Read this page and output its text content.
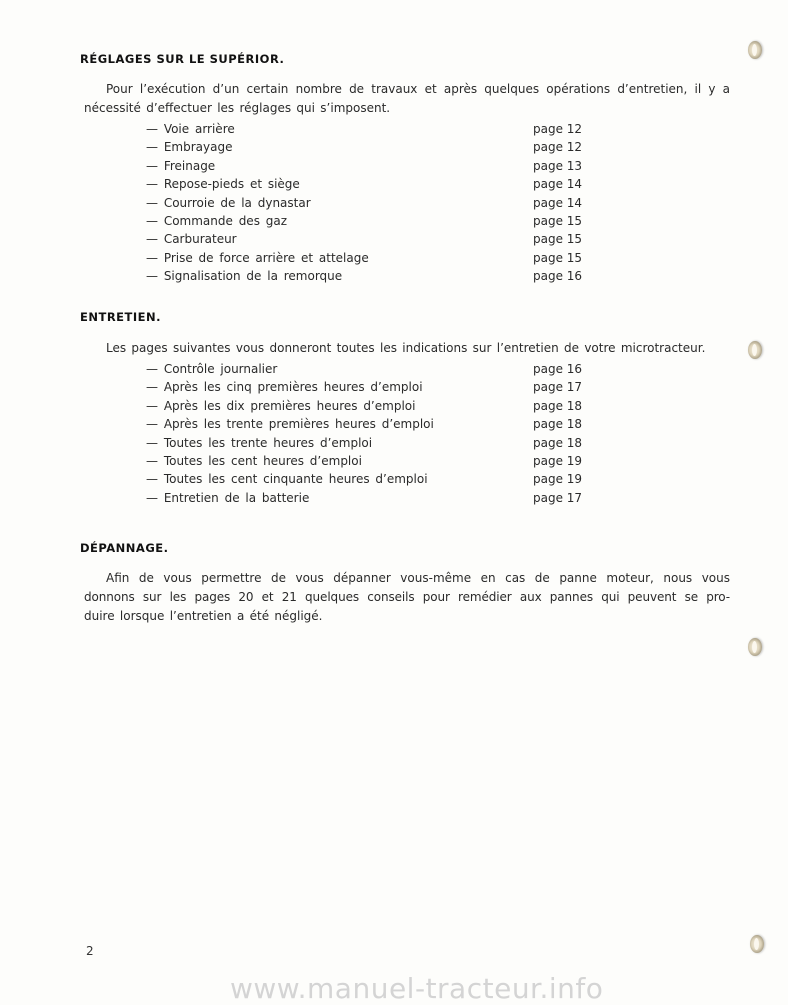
RÉGLAGES SUR LE SUPÉRIOR.
Pour l’exécution d’un certain nombre de travaux et après quelques opérations d’entretien, il y a nécessité d’effectuer les réglages qui s’imposent.
— Voie arrière	page 12
— Embrayage	page 12
— Freinage	page 13
— Repose-pieds et siège	page 14
— Courroie de la dynastar	page 14
— Commande des gaz	page 15
— Carburateur	page 15
— Prise de force arrière et attelage	page 15
— Signalisation de la remorque	page 16
ENTRETIEN.
Les pages suivantes vous donneront toutes les indications sur l’entretien de votre microtracteur.
— Contrôle journalier	page 16
— Après les cinq premières heures d’emploi	page 17
— Après les dix premières heures d’emploi	page 18
— Après les trente premières heures d’emploi	page 18
— Toutes les trente heures d’emploi	page 18
— Toutes les cent heures d’emploi	page 19
— Toutes les cent cinquante heures d’emploi	page 19
— Entretien de la batterie	page 17
DÉPANNAGE.

Afin de vous permettre de vous dépanner vous-même en cas de panne moteur, nous vous

donnons sur les pages 20 et 21 quelques conseils pour remédier aux pannes qui peuvent se pro-

duire lorsque l’entretien a été négligé.

2
www.manuel-tracteur.info
